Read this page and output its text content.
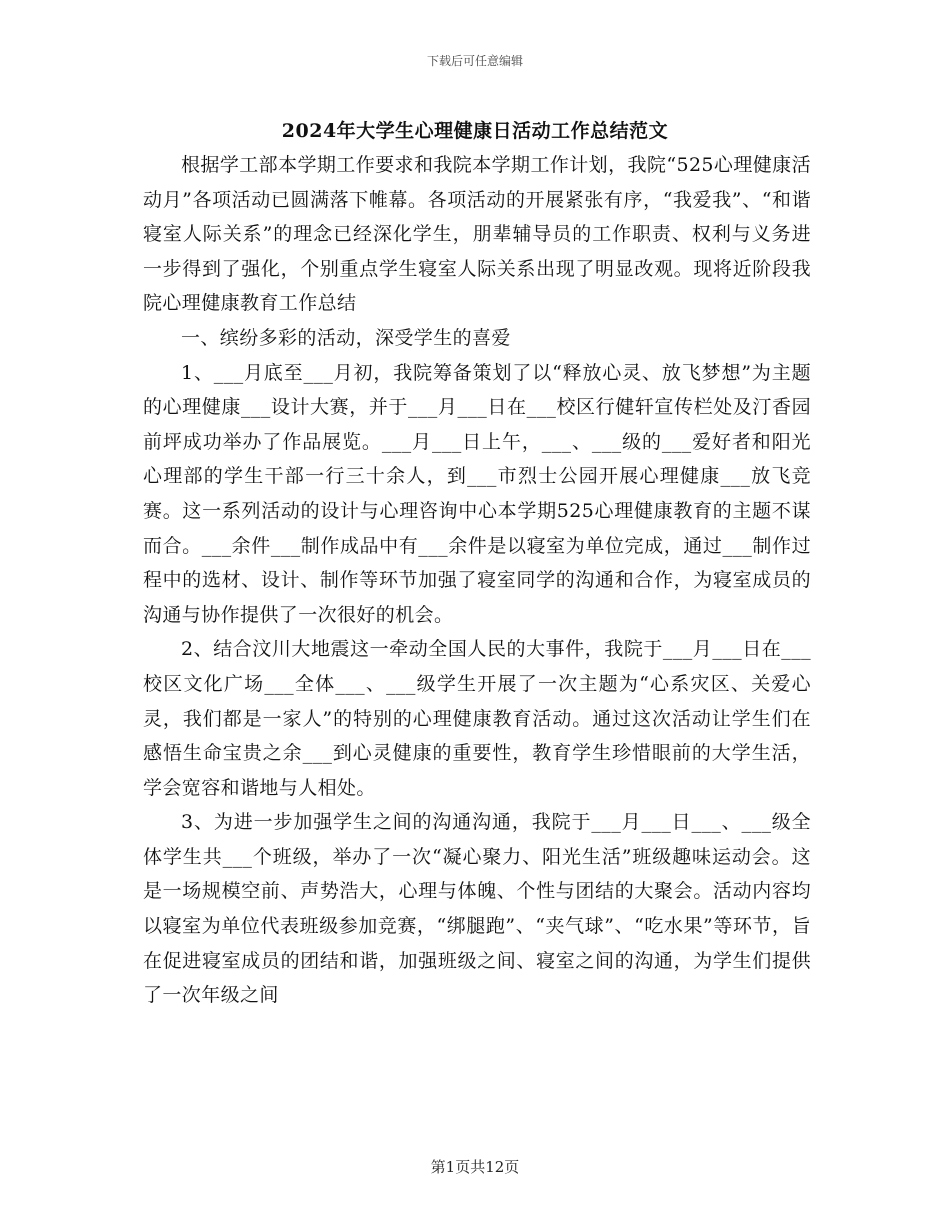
下载后可任意编辑
2024年大学生心理健康日活动工作总结范文

根据学工部本学期工作要求和我院本学期工作计划，我院“525心理健康活动月”各项活动已圆满落下帷幕。各项活动的开展紧张有序，“我爱我”、“和谐寝室人际关系”的理念已经深化学生，朋辈辅导员的工作职责、权利与义务进一步得到了强化，个别重点学生寝室人际关系出现了明显改观。现将近阶段我院心理健康教育工作总结

一、缤纷多彩的活动，深受学生的喜爱

1、___月底至___月初，我院筹备策划了以“释放心灵、放飞梦想”为主题的心理健康___设计大赛，并于___月___日在___校区行健轩宣传栏处及汀香园前坪成功举办了作品展览。___月___日上午，___、___级的___爱好者和阳光心理部的学生干部一行三十余人，到___市烈士公园开展心理健康___放飞竞赛。这一系列活动的设计与心理咨询中心本学期525心理健康教育的主题不谋而合。___余件___制作成品中有___余件是以寝室为单位完成，通过___制作过程中的选材、设计、制作等环节加强了寝室同学的沟通和合作，为寝室成员的沟通与协作提供了一次很好的机会。

2、结合汶川大地震这一牵动全国人民的大事件，我院于___月___日在___校区文化广场___全体___、___级学生开展了一次主题为“心系灾区、关爱心灵，我们都是一家人”的特别的心理健康教育活动。通过这次活动让学生们在感悟生命宝贵之余___到心灵健康的重要性，教育学生珍惜眼前的大学生活，学会宽容和谐地与人相处。

3、为进一步加强学生之间的沟通沟通，我院于___月___日___、___级全体学生共___个班级，举办了一次“凝心聚力、阳光生活”班级趣味运动会。这是一场规模空前、声势浩大，心理与体魄、个性与团结的大聚会。活动内容均以寝室为单位代表班级参加竞赛，“绑腿跑”、“夹气球”、“吃水果”等环节，旨在促进寝室成员的团结和谐，加强班级之间、寝室之间的沟通，为学生们提供了一次年级之间

第1页共12页
